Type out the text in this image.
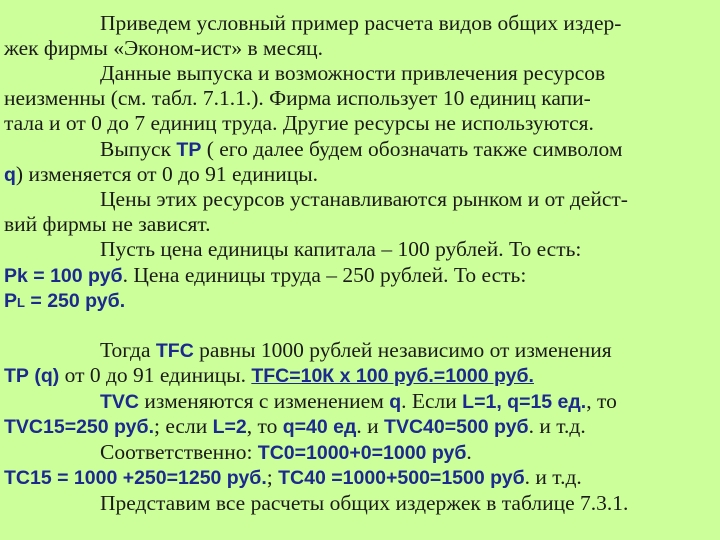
Приведем условный пример расчета видов общих издер-
жек фирмы «Эконом-ист» в месяц.
Данные выпуска и возможности привлечения ресурсов
неизменны (см. табл. 7.1.1.). Фирма использует 10 единиц капи-
тала и от 0 до 7 единиц труда. Другие ресурсы не используются.
Выпуск ТР ( его далее будем обозначать также символом
q) изменяется от 0 до 91 единицы.
Цены этих ресурсов устанавливаются рынком и от дейст-
вий фирмы не зависят.
Пусть цена единицы капитала – 100 рублей. То есть:
Pk = 100 руб. Цена единицы труда – 250 рублей. То есть:
PL = 250 руб.
Тогда TFC равны 1000 рублей независимо от изменения
ТР (q) от 0 до 91 единицы. TFC=10К х 100 руб.=1000 руб.
TVC изменяются с изменением q. Если L=1, q=15 ед., то
TVC15=250 руб.; если L=2, то q=40 ед. и TVC40=500 руб. и т.д.
Соответственно: ТС0=1000+0=1000 руб.
ТС15 = 1000 +250=1250 руб.; ТС40 =1000+500=1500 руб. и т.д.
Представим все расчеты общих издержек в таблице 7.3.1.
